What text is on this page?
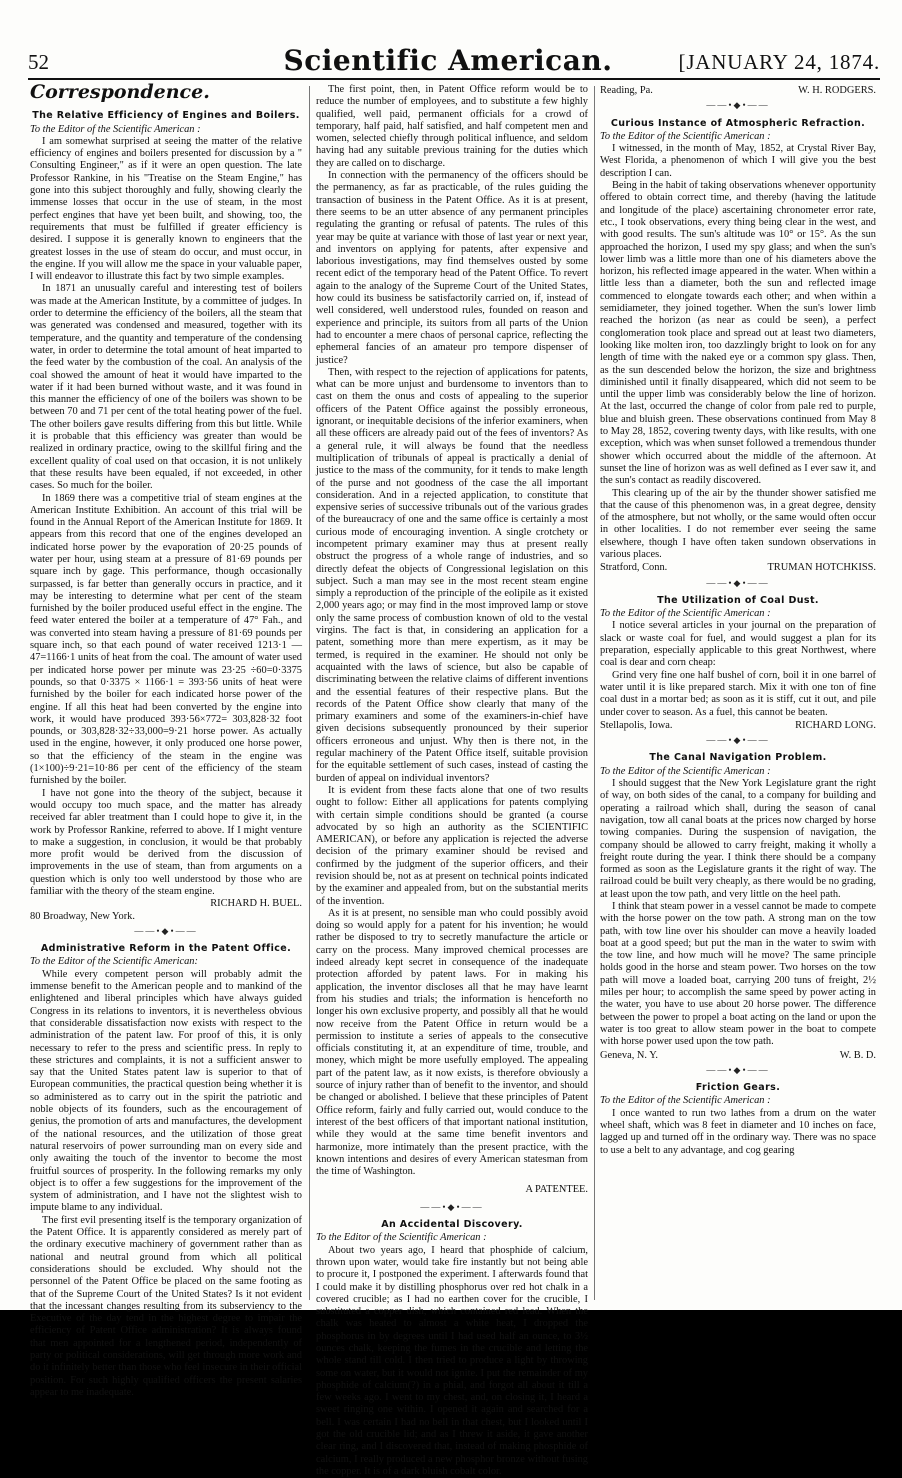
52	Scientific American.	[JANUARY 24, 1874.
Correspondence.
The Relative Efficiency of Engines and Boilers.

To the Editor of the Scientific American :

I am somewhat surprised at seeing the matter of the relative efficiency of engines and boilers presented for discussion by a " Consulting Engineer," as if it were an open question. The late Professor Rankine, in his "Treatise on the Steam Engine," has gone into this subject thoroughly and fully, showing clearly the immense losses that occur in the use of steam, in the most perfect engines that have yet been built, and showing, too, the requirements that must be fulfilled if greater efficiency is desired. I suppose it is generally known to engineers that the greatest losses in the use of steam do occur, and must occur, in the engine. If you will allow me the space in your valuable paper, I will endeavor to illustrate this fact by two simple examples.

In 1871 an unusually careful and interesting test of boilers was made at the American Institute, by a committee of judges. In order to determine the efficiency of the boilers, all the steam that was generated was condensed and measured, together with its temperature, and the quantity and temperature of the condensing water, in order to determine the total amount of heat imparted to the feed water by the combustion of the coal. An analysis of the coal showed the amount of heat it would have imparted to the water if it had been burned without waste, and it was found in this manner the efficiency of one of the boilers was shown to be between 70 and 71 per cent of the total heating power of the fuel. The other boilers gave results differing from this but little. While it is probable that this efficiency was greater than would be realized in ordinary practice, owing to the skillful firing and the excellent quality of coal used on that occasion, it is not unlikely that these results have been equaled, if not exceeded, in other cases. So much for the boiler.

In 1869 there was a competitive trial of steam engines at the American Institute Exhibition. An account of this trial will be found in the Annual Report of the American Institute for 1869. It appears from this record that one of the engines developed an indicated horse power by the evaporation of 20·25 pounds of water per hour, using steam at a pressure of 81·69 pounds per square inch by gage. This performance, though occasionally surpassed, is far better than generally occurs in practice, and it may be interesting to determine what per cent of the steam furnished by the boiler produced useful effect in the engine. The feed water entered the boiler at a temperature of 47° Fah., and was converted into steam having a pressure of 81·69 pounds per square inch, so that each pound of water received 1213·1 — 47=1166·1 units of heat from the coal. The amount of water used per indicated horse power per minute was 23·25 ÷60=0·3375 pounds, so that 0·3375 × 1166·1 = 393·56 units of heat were furnished by the boiler for each indicated horse power of the engine. If all this heat had been converted by the engine into work, it would have produced 393·56×772= 303,828·32 foot pounds, or 303,828·32÷33,000=9·21 horse power. As actually used in the engine, however, it only produced one horse power, so that the efficiency of the steam in the engine was (1×100)÷9·21=10·86 per cent of the efficiency of the steam furnished by the boiler.

I have not gone into the theory of the subject, because it would occupy too much space, and the matter has already received far abler treatment than I could hope to give it, in the work by Professor Rankine, referred to above. If I might venture to make a suggestion, in conclusion, it would be that probably more profit would be derived from the discussion of improvements in the use of steam, than from arguments on a question which is only too well understood by those who are familiar with the theory of the steam engine.

RICHARD H. BUEL.

80 Broadway, New York.

——•◆•——
Administrative Reform in the Patent Office.

To the Editor of the Scientific American:

While every competent person will probably admit the immense benefit to the American people and to mankind of the enlightened and liberal principles which have always guided Congress in its relations to inventors, it is nevertheless obvious that considerable dissatisfaction now exists with respect to the administration of the patent law. For proof of this, it is only necessary to refer to the press and scientific press. In reply to these strictures and complaints, it is not a sufficient answer to say that the United States patent law is superior to that of European communities, the practical question being whether it is so administered as to carry out in the spirit the patriotic and noble objects of its founders, such as the encouragement of genius, the promotion of arts and manufactures, the development of the national resources, and the utilization of those great natural reservoirs of power surrounding man on every side and only awaiting the touch of the inventor to become the most fruitful sources of prosperity. In the following remarks my only object is to offer a few suggestions for the improvement of the system of administration, and I have not the slightest wish to impute blame to any individual.

The first evil presenting itself is the temporary organization of the Patent Office. It is apparently considered as merely part of the ordinary executive machinery of government rather than as national and neutral ground from which all political considerations should be excluded. Why should not the personnel of the Patent Office be placed on the same footing as that of the Supreme Court of the United States? Is it not evident that the incessant changes resulting from its subserviency to the Executive of the day tend in the highest degree to impair the efficiency of Patent Office administration? It is always found that men appointed for a lengthened period, independently of party or political considerations, will get through more work and do it infinitely better than those who feel insecure in their official position. For such highly qualified officers the present salaries appear to me inadequate.

The first point, then, in Patent Office reform would be to reduce the number of employees, and to substitute a few highly qualified, well paid, permanent officials for a crowd of temporary, half paid, half satisfied, and half competent men and women, selected chiefly through political influence, and seldom having had any suitable previous training for the duties which they are called on to discharge.

In connection with the permanency of the officers should be the permanency, as far as practicable, of the rules guiding the transaction of business in the Patent Office. As it is at present, there seems to be an utter absence of any permanent principles regulating the granting or refusal of patents. The rules of this year may be quite at variance with those of last year or next year, and inventors on applying for patents, after expensive and laborious investigations, may find themselves ousted by some recent edict of the temporary head of the Patent Office. To revert again to the analogy of the Supreme Court of the United States, how could its business be satisfactorily carried on, if, instead of well considered, well understood rules, founded on reason and experience and principle, its suitors from all parts of the Union had to encounter a mere chaos of personal caprice, reflecting the ephemeral fancies of an amateur pro tempore dispenser of justice?

Then, with respect to the rejection of applications for patents, what can be more unjust and burdensome to inventors than to cast on them the onus and costs of appealing to the superior officers of the Patent Office against the possibly erroneous, ignorant, or inequitable decisions of the inferior examiners, when all these officers are already paid out of the fees of inventors? As a general rule, it will always be found that the needless multiplication of tribunals of appeal is practically a denial of justice to the mass of the community, for it tends to make length of the purse and not goodness of the case the all important consideration. And in a rejected application, to constitute that expensive series of successive tribunals out of the various grades of the bureaucracy of one and the same office is certainly a most curious mode of encouraging invention. A single crotchety or incompetent primary examiner may thus at present really obstruct the progress of a whole range of industries, and so directly defeat the objects of Congressional legislation on this subject. Such a man may see in the most recent steam engine simply a reproduction of the principle of the eolipile as it existed 2,000 years ago; or may find in the most improved lamp or stove only the same process of combustion known of old to the vestal virgins. The fact is that, in considering an application for a patent, something more than mere expertism, as it may be termed, is required in the examiner. He should not only be acquainted with the laws of science, but also be capable of discriminating between the relative claims of different inventions and the essential features of their respective plans. But the records of the Patent Office show clearly that many of the primary examiners and some of the examiners-in-chief have given decisions subsequently pronounced by their superior officers erroneous and unjust. Why then is there not, in the regular machinery of the Patent Office itself, suitable provision for the equitable settlement of such cases, instead of casting the burden of appeal on individual inventors?

It is evident from these facts alone that one of two results ought to follow: Either all applications for patents complying with certain simple conditions should be granted (a course advocated by so high an authority as the SCIENTIFIC AMERICAN), or before any application is rejected the adverse decision of the primary examiner should be revised and confirmed by the judgment of the superior officers, and their revision should be, not as at present on technical points indicated by the examiner and appealed from, but on the substantial merits of the invention.

As it is at present, no sensible man who could possibly avoid doing so would apply for a patent for his invention; he would rather be disposed to try to secretly manufacture the article or carry on the process. Many improved chemical processes are indeed already kept secret in consequence of the inadequate protection afforded by patent laws. For in making his application, the inventor discloses all that he may have learnt from his studies and trials; the information is henceforth no longer his own exclusive property, and possibly all that he would now receive from the Patent Office in return would be a permission to institute a series of appeals to the consecutive officials constituting it, at an expenditure of time, trouble, and money, which might be more usefully employed. The appealing part of the patent law, as it now exists, is therefore obviously a source of injury rather than of benefit to the inventor, and should be changed or abolished. I believe that these principles of Patent Office reform, fairly and fully carried out, would conduce to the interest of the best officers of that important national institution, while they would at the same time benefit inventors and harmonize, more intimately than the present practice, with the known intentions and desires of every American statesman from the time of Washington.

A PATENTEE.
——•◆•——
An Accidental Discovery.

To the Editor of the Scientific American :

About two years ago, I heard that phosphide of calcium, thrown upon water, would take fire instantly but not being able to procure it, I postponed the experiment. I afterwards found that I could make it by distilling phosphorus over red hot chalk in a covered crucible; as I had no earthen cover for the crucible, I substituted a copper dish, which contained red lead. When the chalk was heated to almost a white heat, I dropped the phosphorus in by degrees until I had used half an ounce, to 3½ ounces chalk, keeping the fumes in the crucible and letting the whole stand till cold. I then tried to produce a light by throwing some on water, but it would not ignite. I put the remainder of my phosphide of calcium(?) in a phial, and forgot all about it till a few weeks ago. I went to my chest, and, on closing it, I heard a sweet ringing one within. I opened it again and searched for a bell. I was certain I had no bell in that chest, but I looked until I got the old crucible lid; and as I threw it aside, it gave another clear ring, and I discovered that, instead of making phosphide of calcium, I really produced a new phosphor bronze without fusing the copper. It is of a dark bluish cobalt color.

Reading, Pa.	W. H. RODGERS.
——•◆•——
Curious Instance of Atmospheric Refraction.

To the Editor of the Scientific American :

I witnessed, in the month of May, 1852, at Crystal River Bay, West Florida, a phenomenon of which I will give you the best description I can.

Being in the habit of taking observations whenever opportunity offered to obtain correct time, and thereby (having the latitude and longitude of the place) ascertaining chronometer error rate, etc., I took observations, every thing being clear in the west, and with good results. The sun's altitude was 10° or 15°. As the sun approached the horizon, I used my spy glass; and when the sun's lower limb was a little more than one of his diameters above the horizon, his reflected image appeared in the water. When within a little less than a diameter, both the sun and reflected image commenced to elongate towards each other; and when within a semidiameter, they joined together. When the sun's lower limb reached the horizon (as near as could be seen), a perfect conglomeration took place and spread out at least two diameters, looking like molten iron, too dazzlingly bright to look on for any length of time with the naked eye or a common spy glass. Then, as the sun descended below the horizon, the size and brightness diminished until it finally disappeared, which did not seem to be until the upper limb was considerably below the line of horizon. At the last, occurred the change of color from pale red to purple, blue and bluish green. These observations continued from May 8 to May 28, 1852, covering twenty days, with like results, with one exception, which was when sunset followed a tremendous thunder shower which occurred about the middle of the afternoon. At sunset the line of horizon was as well defined as I ever saw it, and the sun's contact as readily discovered.

This clearing up of the air by the thunder shower satisfied me that the cause of this phenomenon was, in a great degree, density of the atmosphere, but not wholly, or the same would often occur in other localities. I do not remember ever seeing the same elsewhere, though I have often taken sundown observations in various places.

Stratford, Conn.	TRUMAN HOTCHKISS.
——•◆•——
The Utilization of Coal Dust.

To the Editor of the Scientific American :

I notice several articles in your journal on the preparation of slack or waste coal for fuel, and would suggest a plan for its preparation, especially applicable to this great Northwest, where coal is dear and corn cheap:

Grind very fine one half bushel of corn, boil it in one barrel of water until it is like prepared starch. Mix it with one ton of fine coal dust in a mortar bed; as soon as it is stiff, cut it out, and pile under cover to season. As a fuel, this cannot be beaten.

Stellapolis, Iowa.	RICHARD LONG.
——•◆•——
The Canal Navigation Problem.

To the Editor of the Scientific American :

I should suggest that the New York Legislature grant the right of way, on both sides of the canal, to a company for building and operating a railroad which shall, during the season of canal navigation, tow all canal boats at the prices now charged by horse towing companies. During the suspension of navigation, the company should be allowed to carry freight, making it wholly a freight route during the year. I think there should be a company formed as soon as the Legislature grants it the right of way. The railroad could be built very cheaply, as there would be no grading, at least upon the tow path, and very little on the heel path.

I think that steam power in a vessel cannot be made to compete with the horse power on the tow path. A strong man on the tow path, with tow line over his shoulder can move a heavily loaded boat at a good speed; but put the man in the water to swim with the tow line, and how much will he move? The same principle holds good in the horse and steam power. Two horses on the tow path will move a loaded boat, carrying 200 tuns of freight, 2½ miles per hour; to accomplish the same speed by power acting in the water, you have to use about 20 horse power. The difference between the power to propel a boat acting on the land or upon the water is too great to allow steam power in the boat to compete with horse power used upon the tow path.

Geneva, N. Y.	W. B. D.
——•◆•——
Friction Gears.

To the Editor of the Scientific American :

I once wanted to run two lathes from a drum on the water wheel shaft, which was 8 feet in diameter and 10 inches on face, lagged up and turned off in the ordinary way. There was no space to use a belt to any advantage, and cog gearing
